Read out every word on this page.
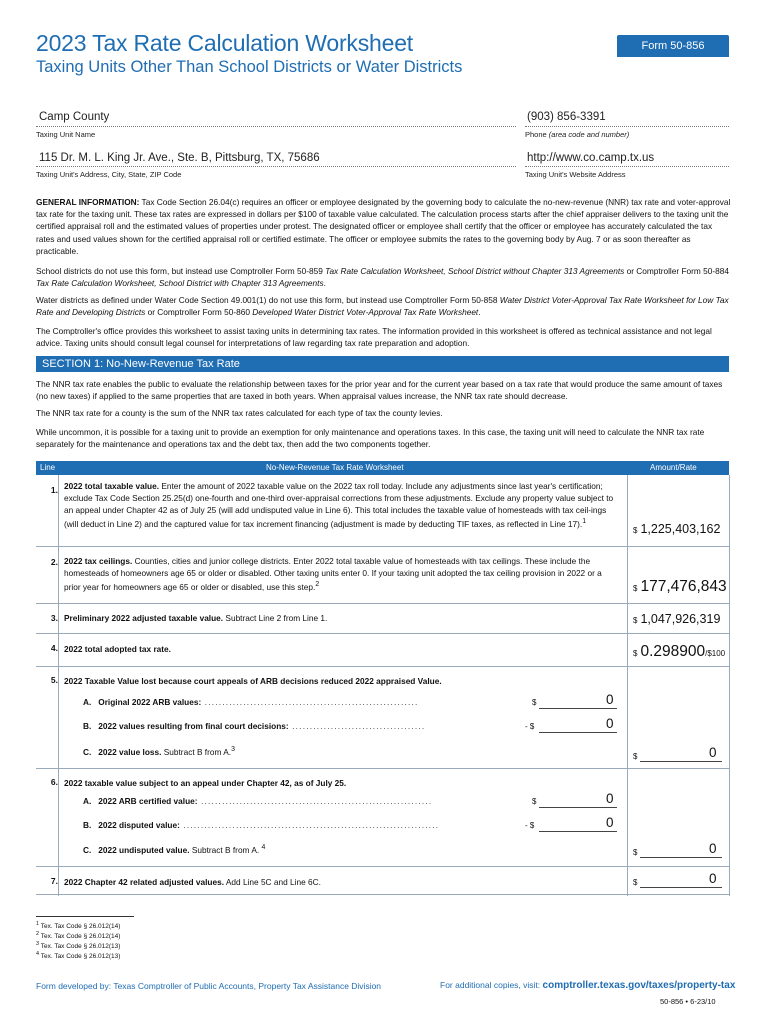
2023 Tax Rate Calculation Worksheet
Taxing Units Other Than School Districts or Water Districts
Form 50-856
Camp County
Taxing Unit Name
(903) 856-3391
Phone (area code and number)
115 Dr. M. L. King Jr. Ave., Ste. B, Pittsburg, TX, 75686
Taxing Unit's Address, City, State, ZIP Code
http://www.co.camp.tx.us
Taxing Unit's Website Address
GENERAL INFORMATION: Tax Code Section 26.04(c) requires an officer or employee designated by the governing body to calculate the no-new-revenue (NNR) tax rate and voter-approval tax rate for the taxing unit. These tax rates are expressed in dollars per $100 of taxable value calculated. The calculation process starts after the chief appraiser delivers to the taxing unit the certified appraisal roll and the estimated values of properties under protest. The designated officer or employee shall certify that the officer or employee has accurately calculated the tax rates and used values shown for the certified appraisal roll or certified estimate. The officer or employee submits the rates to the governing body by Aug. 7 or as soon thereafter as practicable.
School districts do not use this form, but instead use Comptroller Form 50-859 Tax Rate Calculation Worksheet, School District without Chapter 313 Agreements or Comptroller Form 50-884 Tax Rate Calculation Worksheet, School District with Chapter 313 Agreements.
Water districts as defined under Water Code Section 49.001(1) do not use this form, but instead use Comptroller Form 50-858 Water District Voter-Approval Tax Rate Worksheet for Low Tax Rate and Developing Districts or Comptroller Form 50-860 Developed Water District Voter-Approval Tax Rate Worksheet.
The Comptroller's office provides this worksheet to assist taxing units in determining tax rates. The information provided in this worksheet is offered as technical assistance and not legal advice. Taxing units should consult legal counsel for interpretations of law regarding tax rate preparation and adoption.
SECTION 1: No-New-Revenue Tax Rate
The NNR tax rate enables the public to evaluate the relationship between taxes for the prior year and for the current year based on a tax rate that would produce the same amount of taxes (no new taxes) if applied to the same properties that are taxed in both years. When appraisal values increase, the NNR tax rate should decrease.
The NNR tax rate for a county is the sum of the NNR tax rates calculated for each type of tax the county levies.
While uncommon, it is possible for a taxing unit to provide an exemption for only maintenance and operations taxes. In this case, the taxing unit will need to calculate the NNR tax rate separately for the maintenance and operations tax and the debt tax, then add the two components together.
Line	No-New-Revenue Tax Rate Worksheet	Amount/Rate
1. 2022 total taxable value. Enter the amount of 2022 taxable value on the 2022 tax roll today. Include any adjustments since last year's certification; exclude Tax Code Section 25.25(d) one-fourth and one-third over-appraisal corrections from these adjustments. Exclude any property value subject to an appeal under Chapter 42 as of July 25 (will add undisputed value in Line 6). This total includes the taxable value of homesteads with tax ceil-ings (will deduct in Line 2) and the captured value for tax increment financing (adjustment is made by deducting TIF taxes, as reflected in Line 17).$^1$
$ 1,225,403,162
2. 2022 tax ceilings. Counties, cities and junior college districts. Enter 2022 total taxable value of homesteads with tax ceilings. These include the homesteads of homeowners age 65 or older or disabled. Other taxing units enter 0. If your taxing unit adopted the tax ceiling provision in 2022 or a prior year for homeowners age 65 or older or disabled, use this step.$^2$	$ 177,476,843
3. Preliminary 2022 adjusted taxable value. Subtract Line 2 from Line 1.	$ 1,047,926,319
4. 2022 total adopted tax rate.	$ 0.298900/$100
5. 2022 Taxable Value lost because court appeals of ARB decisions reduced 2022 appraised Value.
A. Original 2022 ARB values: .............................................................	$	0
B. 2022 values resulting from final court decisions: ......................................	- $	0
C. 2022 value loss. Subtract B from A.$^3$
$	0
6. 2022 taxable value subject to an appeal under Chapter 42, as of July 25.
A. 2022 ARB certified value: ..................................................................	$	0
B. 2022 disputed value: .........................................................................	- $	0
C. 2022 undisputed value. Subtract B from A. $^4$
$	0
7. 2022 Chapter 42 related adjusted values. Add Line 5C and Line 6C.	$	0
$^1$ Tex. Tax Code § 26.012(14)
$^2$ Tex. Tax Code § 26.012(14)
$^3$ Tex. Tax Code § 26.012(13)
$^4$ Tex. Tax Code § 26.012(13)
Form developed by: Texas Comptroller of Public Accounts, Property Tax Assistance Division	For additional copies, visit: comptroller.texas.gov/taxes/property-tax
50-856 • 6-23/10
